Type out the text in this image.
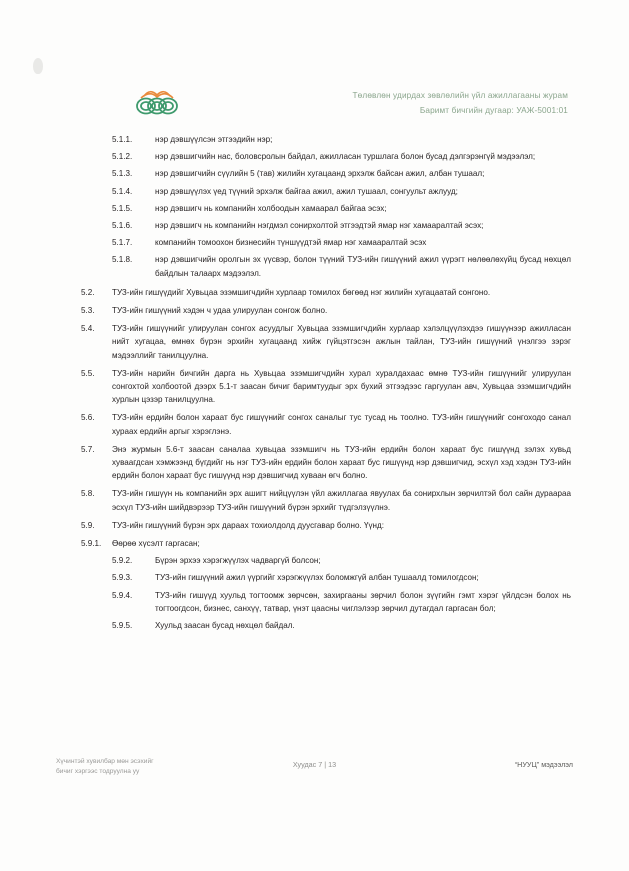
Төлөвлөн удирдах зөвлөлийн үйл ажиллагааны журам
Баримт бичгийн дугаар: УАЖ-5001:01
5.1.1.	нэр дэвшүүлсэн этгээдийн нэр;
5.1.2.	нэр дэвшигчийн нас, боловсролын байдал, ажилласан туршлага болон бусад дэлгэрэнгүй мэдээлэл;
5.1.3.	нэр дэвшигчийн сүүлийн 5 (тав) жилийн хугацаанд эрхэлж байсан ажил, албан тушаал;
5.1.4.	нэр дэвшүүлэх үед түүний эрхэлж байгаа ажил, ажил тушаал, сонгуульт ажлууд;
5.1.5.	нэр дэвшигч нь компанийн холбоодын хамаарал байгаа эсэх;
5.1.6.	нэр дэвшигч нь компанийн нэгдмэл сонирхолтой этгээдтэй ямар нэг хамааралтай эсэх;
5.1.7.	компанийн томоохон бизнесийн түншүүдтэй ямар нэг хамааралтай эсэх
5.1.8.	нэр дэвшигчийн оролгын эх үүсвэр, болон түүний ТУЗ-ийн гишүүний ажил үүрэгт нөлөөлөхүйц бусад нөхцөл байдлын талаарх мэдээлэл.
5.2.	ТУЗ-ийн гишүүдийг Хувьцаа эзэмшигчдийн хурлаар томилох бөгөөд нэг жилийн хугацаатай сонгоно.
5.3.	ТУЗ-ийн гишүүний хэдэн ч удаа улируулан сонгож болно.
5.4.	ТУЗ-ийн гишүүнийг улируулан сонгох асуудлыг Хувьцаа эзэмшигчдийн хурлаар хэлэлцүүлэхдээ гишүүнээр ажилласан нийт хугацаа, өмнөх бүрэн эрхийн хугацаанд хийж гүйцэтгэсэн ажлын тайлан, ТУЗ-ийн гишүүний үнэлгээ зэрэг мэдээллийг танилцуулна.
5.5.	ТУЗ-ийн нарийн бичгийн дарга нь Хувьцаа эзэмшигчдийн хурал хуралдахаас өмнө ТУЗ-ийн гишүүнийг улируулан сонгохтой холбоотой дээрх 5.1-т заасан бичиг баримтуудыг эрх бухий этгээдээс гаргуулан авч, Хувьцаа эзэмшигчдийн хурлын цэзэр танилцуулна.
5.6.	ТУЗ-ийн ердийн болон хараат бус гишүүнийг сонгох саналыг тус тусад нь тоолно. ТУЗ-ийн гишүүнийг сонгоходо санал хураах ердийн аргыг хэрэглэнэ.
5.7.	Энэ журмын 5.6-т заасан саналаа хувьцаа эзэмшигч нь ТУЗ-ийн ердийн болон хараат бус гишүүнд зэлэх хувьд хуваагдсан хэмжээнд бүгдийг нь нэг ТУЗ-ийн ердийн болон хараат бус гишүүнд нэр дэвшигчид, эсхүл хэд хэдэн ТУЗ-ийн ердийн болон хараат бус гишүүнд нэр дэвшигчид хуваан өгч болно.
5.8.	ТУЗ-ийн гишүүн нь компанийн эрх ашигт нийцүүлэн үйл ажиллагаа явуулах ба сонирхлын зөрчилтэй бол сайн дураараа эсхүл ТУЗ-ийн шийдвэрээр ТУЗ-ийн гишүүний бүрэн эрхийг түдгэлзүүлнэ.
5.9.	ТУЗ-ийн гишүүний бүрэн эрх дараах тохиолдолд дуусгавар болно. Үүнд:
5.9.1.	Өөрөө хүсэлт гаргасан;
5.9.2.	Бүрэн эрхээ хэрэгжүүлэх чадваргүй болсон;
5.9.3.	ТУЗ-ийн гишүүний ажил үүргийг хэрэгжүүлэх боломжгүй албан тушаалд томилогдсон;
5.9.4.	ТУЗ-ийн гишүүд хуульд тогтоомж зөрчсөн, захиргааны зөрчил болон зүүгийн гэмт хэрэг үйлдсэн болох нь тогтоогдсон, бизнес, санхүү, татвар, үнэт цаасны чиглэлээр зөрчил дутагдал гаргасан бол;
5.9.5.	Хуульд заасан бусад нөхцөл байдал.
Хүчинтэй хувилбар мөн эсэхийг
бичиг хэргээс тодруулна уу
Хуудас 7 | 13	“НУУЦ” мэдээлэл
